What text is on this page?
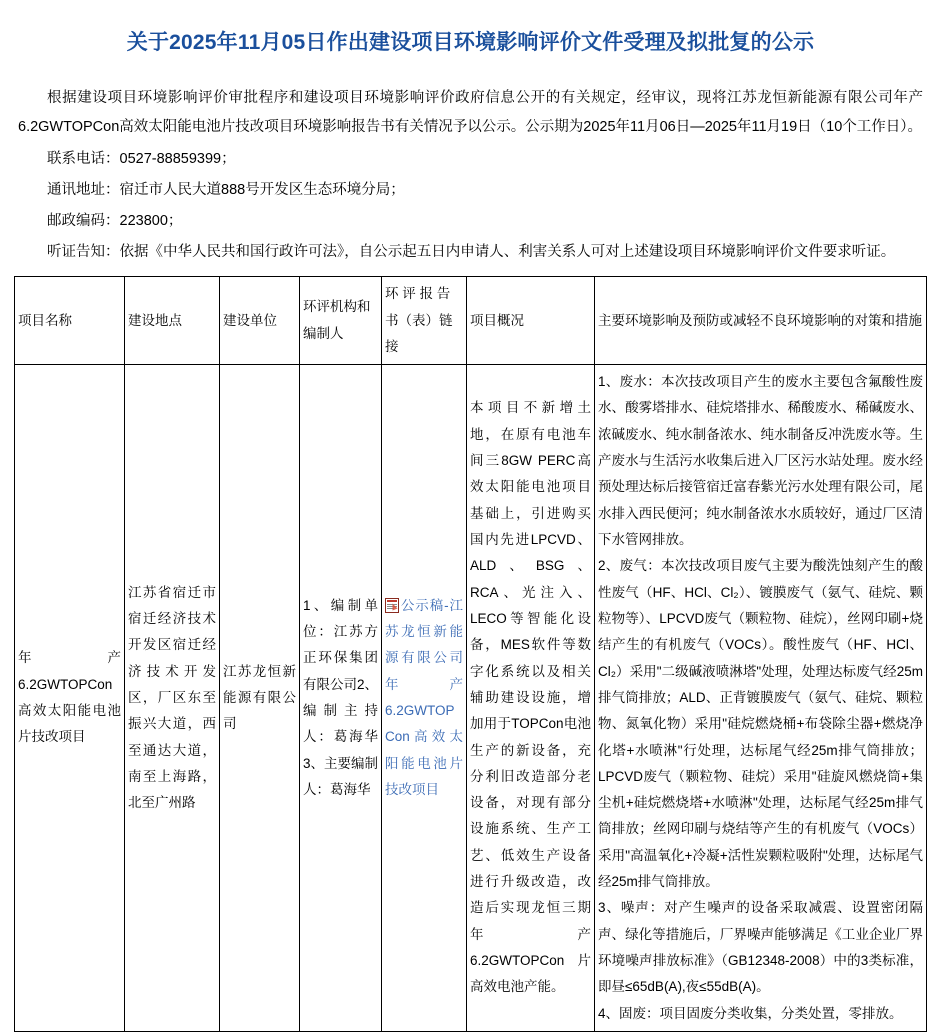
关于2025年11月05日作出建设项目环境影响评价文件受理及拟批复的公示

根据建设项目环境影响评价审批程序和建设项目环境影响评价政府信息公开的有关规定，经审议，现将江苏龙恒新能源有限公司年产6.2GWTOPCon高效太阳能电池片技改项目环境影响报告书有关情况予以公示。公示期为2025年11月06日—2025年11月19日（10个工作日）。

联系电话：0527-88859399；

通讯地址：宿迁市人民大道888号开发区生态环境分局；

邮政编码：223800；

听证告知：依据《中华人民共和国行政许可法》，自公示起五日内申请人、利害关系人可对上述建设项目环境影响评价文件要求听证。

项目名称	建设地点	建设单位	环评机构和编制人	环 评 报 告 书（表）链接	项目概况	主要环境影响及预防或减轻不良环境影响的对策和措施
年产6.2GWTOPCon高效太阳能电池片技改项目	江苏省宿迁市宿迁经济技术开发区宿迁经济技术开发区，厂区东至振兴大道，西至通达大道，南至上海路，北至广州路	江苏龙恒新能源有限公司	1、编制单位：江苏方正环保集团有限公司2、编制主持人：葛海华3、主要编制人：葛海华	公示稿-江苏龙恒新能源有限公司年产6.2GWTOPCon高效太阳能电池片技改项目	本项目不新增土地，在原有电池车间三8GW PERC高效太阳能电池项目基础上，引进购买国内先进LPCVD、ALD、BSG、RCA、光注入、LECO等智能化设备，MES软件等数字化系统以及相关辅助建设设施，增加用于TOPCon电池生产的新设备，充分利旧改造部分老设备，对现有部分设施系统、生产工艺、低效生产设备进行升级改造，改造后实现龙恒三期年产6.2GWTOPCon片高效电池产能。	1、废水：本次技改项目产生的废水主要包含氟酸性废水、酸雾塔排水、硅烷塔排水、稀酸废水、稀碱废水、浓碱废水、纯水制备浓水、纯水制备反冲洗废水等。生产废水与生活污水收集后进入厂区污水站处理。废水经预处理达标后接管宿迁富春紫光污水处理有限公司，尾水排入西民便河；纯水制备浓水水质较好，通过厂区清下水管网排放。

2、废气：本次技改项目废气主要为酸洗蚀刻产生的酸性废气（HF、HCl、Cl₂）、镀膜废气（氨气、硅烷、颗粒物等）、LPCVD废气（颗粒物、硅烷），丝网印刷+烧结产生的有机废气（VOCs）。酸性废气（HF、HCl、Cl₂）采用"二级碱液喷淋塔"处理，处理达标废气经25m排气筒排放；ALD、正背镀膜废气（氨气、硅烷、颗粒物、氮氧化物）采用"硅烷燃烧桶+布袋除尘器+燃烧净化塔+水喷淋"行处理，达标尾气经25m排气筒排放；LPCVD废气（颗粒物、硅烷）采用"硅旋风燃烧筒+集尘机+硅烷燃烧塔+水喷淋"处理，达标尾气经25m排气筒排放；丝网印刷与烧结等产生的有机废气（VOCs）采用"高温氧化+冷凝+活性炭颗粒吸附"处理，达标尾气经25m排气筒排放。

3、噪声：对产生噪声的设备采取减震、设置密闭隔声、绿化等措施后，厂界噪声能够满足《工业企业厂界环境噪声排放标准》（GB12348-2008）中的3类标准，即昼≤65dB(A),夜≤55dB(A)。

4、固废：项目固废分类收集，分类处置，零排放。
